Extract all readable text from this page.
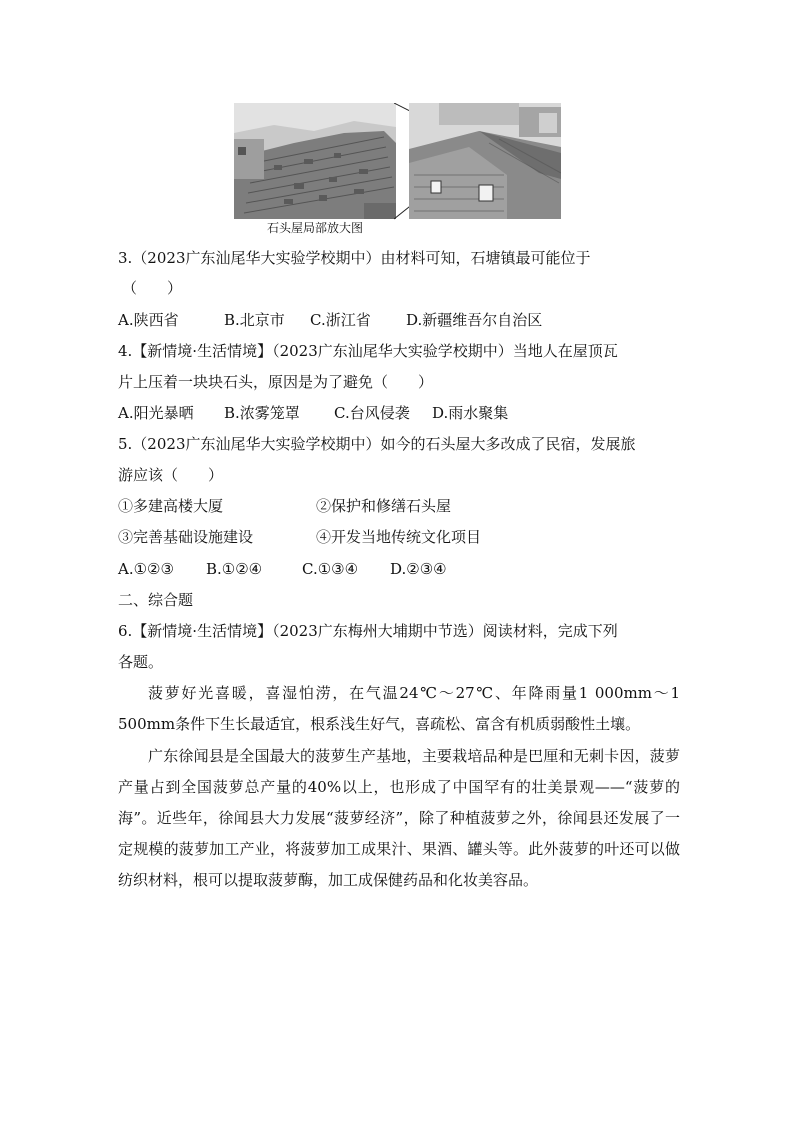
石头屋局部放大图
3.（2023广东汕尾华大实验学校期中）由材料可知，石塘镇最可能位于
（　　）
A.陕西省	B.北京市 C.浙江省 D.新疆维吾尔自治区
4.【新情境·生活情境】（2023广东汕尾华大实验学校期中）当地人在屋顶瓦
片上压着一块块石头，原因是为了避免（　　）
A.阳光暴晒 B.浓雾笼罩 C.台风侵袭 D.雨水聚集
5.（2023广东汕尾华大实验学校期中）如今的石头屋大多改成了民宿，发展旅
游应该（　　）
①多建高楼大厦	②保护和修缮石头屋
③完善基础设施建设	④开发当地传统文化项目
A.①②③ B.①②④	C.①③④ D.②③④
二、综合题
6.【新情境·生活情境】（2023广东梅州大埔期中节选）阅读材料，完成下列
各题。
菠萝好光喜暖，喜湿怕涝，在气温24℃～27℃、年降雨量1 000mm～1 500mm条件下生长最适宜，根系浅生好气，喜疏松、富含有机质弱酸性土壤。
广东徐闻县是全国最大的菠萝生产基地，主要栽培品种是巴厘和无刺卡因，菠萝产量占到全国菠萝总产量的40%以上，也形成了中国罕有的壮美景观——“菠萝的海”。近些年，徐闻县大力发展“菠萝经济”，除了种植菠萝之外，徐闻县还发展了一定规模的菠萝加工产业，将菠萝加工成果汁、果酒、罐头等。此外菠萝的叶还可以做纺织材料，根可以提取菠萝酶，加工成保健药品和化妆美容品。
